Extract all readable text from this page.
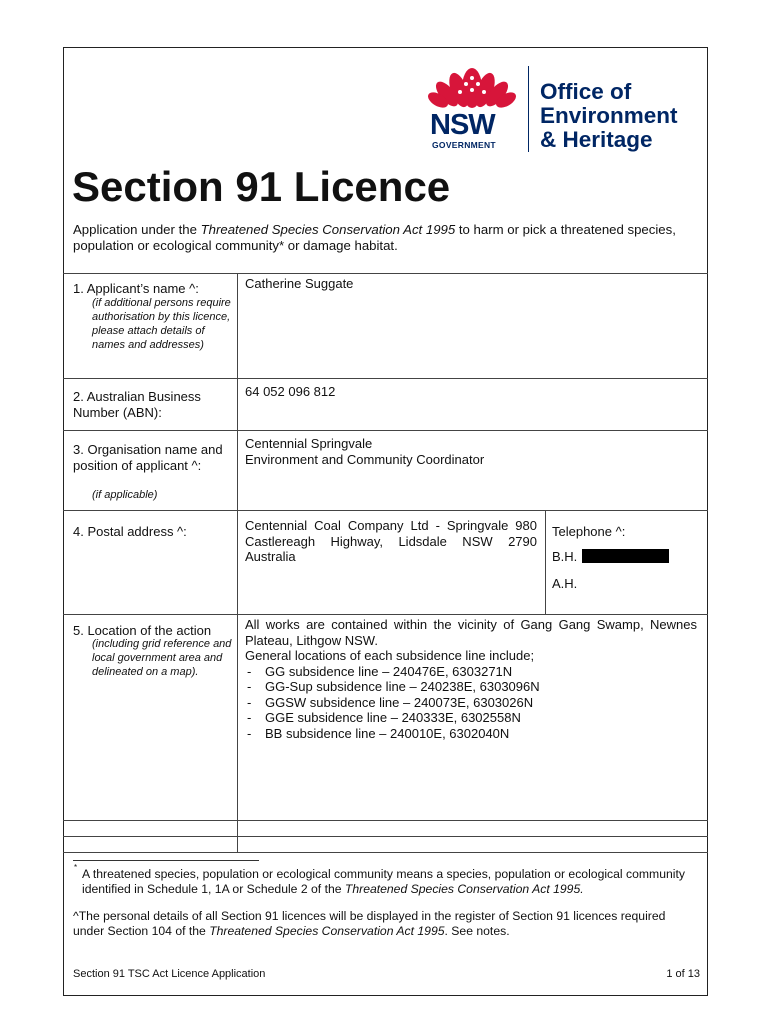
NSW
GOVERNMENT
Office of
Environment
& Heritage
Section 91 Licence
Application under the Threatened Species Conservation Act 1995 to harm or pick a threatened species, population or ecological community* or damage habitat.
1. Applicant’s name ^:
(if additional persons require authorisation by this licence, please attach details of names and addresses)
Catherine Suggate
2. Australian Business Number (ABN):
64 052 096 812
3. Organisation name and position of applicant ^:
(if applicable)
Centennial Springvale
Environment and Community Coordinator
4. Postal address ^:	Centennial Coal Company Ltd - Springvale 980 Castlereagh Highway, Lidsdale NSW 2790 Australia
Telephone ^:
B.H.
A.H.
5. Location of the action
(including grid reference and local government area and delineated on a map).
All works are contained within the vicinity of Gang Gang Swamp, Newnes Plateau, Lithgow NSW.
General locations of each subsidence line include;
- GG subsidence line – 240476E, 6303271N
- GG-Sup subsidence line – 240238E, 6303096N
- GGSW subsidence line – 240073E, 6303026N
- GGE subsidence line – 240333E, 6302558N
- BB subsidence line – 240010E, 6302040N
* A threatened species, population or ecological community means a species, population or ecological community identified in Schedule 1, 1A or Schedule 2 of the Threatened Species Conservation Act 1995.
^The personal details of all Section 91 licences will be displayed in the register of Section 91 licences required under Section 104 of the Threatened Species Conservation Act 1995. See notes.
Section 91 TSC Act Licence Application	1 of 13
